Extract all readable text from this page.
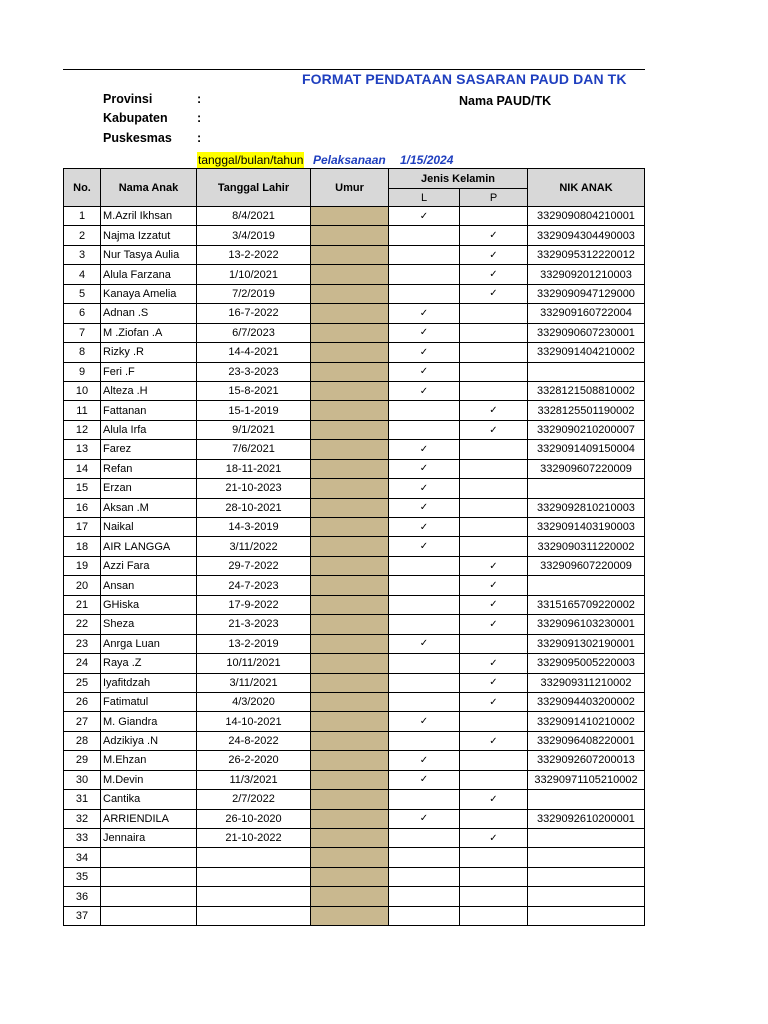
FORMAT PENDATAAN SASARAN PAUD DAN TK
Provinsi	:
Kabupaten :
Puskesmas :
Nama PAUD/TK
tanggal/bulan/tahun Pelaksanaan 1/15/2024
No.	Nama Anak	Tanggal Lahir	Umur	Jenis Kelamin		NIK ANAK
				L	P	
1	M.Azril Ikhsan	8/4/2021		✓		3329090804210001
2	Najma Izzatut	3/4/2019			✓	3329094304490003
3	Nur Tasya Aulia	13-2-2022			✓	3329095312220012
4	Alula Farzana	1/10/2021			✓	332909201210003
5	Kanaya Amelia	7/2/2019			✓	3329090947129000
6	Adnan .S	16-7-2022		✓		332909160722004
7	M .Ziofan .A	6/7/2023		✓		3329090607230001
8	Rizky .R	14-4-2021		✓		3329091404210002
9	Feri .F	23-3-2023		✓		
10	Alteza .H	15-8-2021		✓		3328121508810002
11	Fattanan	15-1-2019			✓	3328125501190002
12	Alula Irfa	9/1/2021			✓	3329090210200007
13	Farez	7/6/2021		✓		3329091409150004
14	Refan	18-11-2021		✓		332909607220009
15	Erzan	21-10-2023		✓		
16	Aksan .M	28-10-2021		✓		3329092810210003
17	Naikal	14-3-2019		✓		3329091403190003
18	AIR LANGGA	3/11/2022		✓		3329090311220002
19	Azzi Fara	29-7-2022			✓	332909607220009
20	Ansan	24-7-2023			✓	
21	GHiska	17-9-2022			✓	3315165709220002
22	Sheza	21-3-2023			✓	3329096103230001
23	Anrga Luan	13-2-2019		✓		3329091302190001
24	Raya .Z	10/11/2021			✓	3329095005220003
25	Iyafitdzah	3/11/2021			✓	332909311210002
26	Fatimatul	4/3/2020			✓	3329094403200002
27	M. Giandra	14-10-2021		✓		3329091410210002
28	Adzikiya .N	24-8-2022			✓	3329096408220001
29	M.Ehzan	26-2-2020		✓		3329092607200013
30	M.Devin	11/3/2021		✓		33290971105210002
31	Cantika	2/7/2022			✓	
32	ARRIENDILA	26-10-2020		✓		3329092610200001
33	Jennaira	21-10-2022			✓	
34						
35						
36						
37						
